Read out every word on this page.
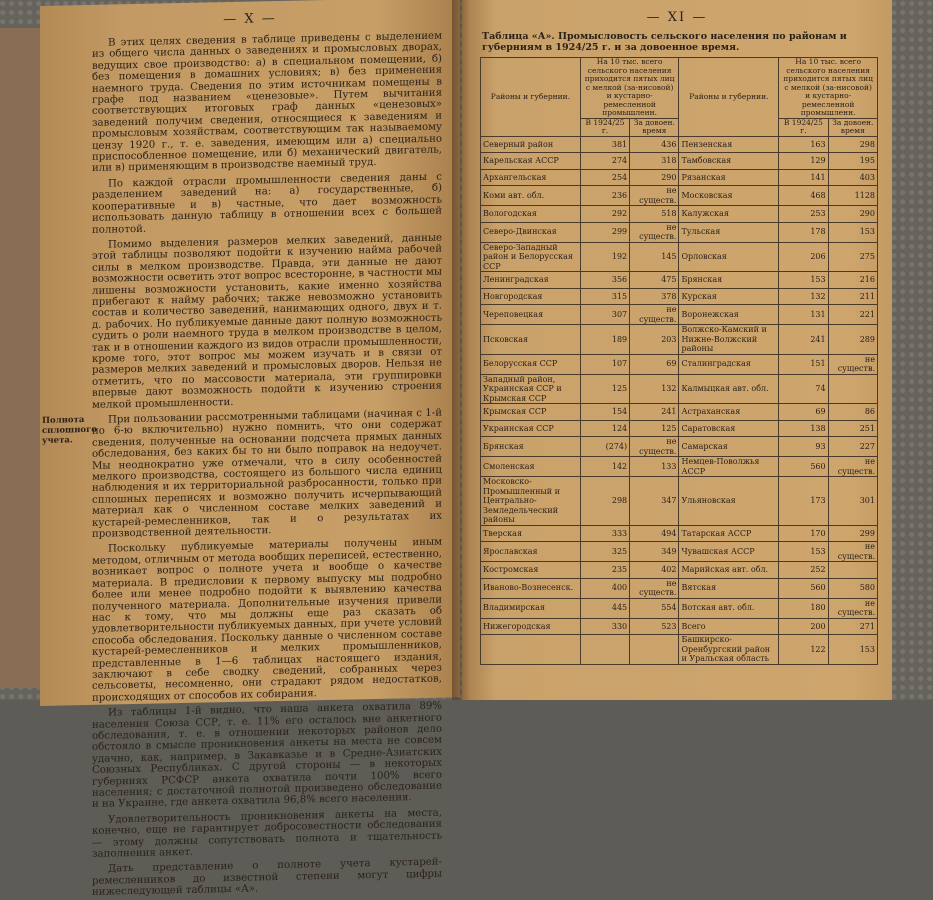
— X —

В этих целях сведения в таблице приведены с выделением из общего числа данных о заведениях и промысловых дворах, ведущих свое производство: а) в специальном помещении, б) без помещения в домашних условиях; в) без применения наемного труда. Сведения по этим источникам помещены в графе под названием «ценезовые». Путем вычитания соответствующих итоговых граф данных «ценезовых» заведений получим сведения, относящиеся к заведениям и промысловым хозяйствам, соответствующим так называемому цензу 1920 г., т. е. заведения, имеющим или а) специально приспособленное помещение, или б) механический двигатель, или в) применяющим в производстве наемный труд.

По каждой отрасли промышленности сведения даны с разделением заведений на: а) государственные, б) кооперативные и в) частные, что дает возможность использовать данную таблицу в отношении всех с большей полнотой.

Помимо выделения размеров мелких заведений, данные этой таблицы позволяют подойти к изучению найма рабочей силы в мелком производстве. Правда, эти данные не дают возможности осветить этот вопрос всесторонне, в частности мы лишены возможности установить, какие именно хозяйства прибегают к найму рабочих; также невозможно установить состав и количество заведений, нанимающих одного, двух и т. д. рабочих. Но публикуемые данные дают полную возможность судить о роли наемного труда в мелком производстве в целом, так и в отношении каждого из видов отрасли промышленности, кроме того, этот вопрос мы можем изучать и в связи от размеров мелких заведений и промысловых дворов. Нельзя не отметить, что по массовости материала, эти группировки впервые дают возможность подойти к изучению строения мелкой промышленности.

Полнота сплошного учета.
При пользовании рассмотренными таблицами (начиная с 1-й по 6-ю включительно) нужно помнить, что они содержат сведения, полученные на основании подсчета прямых данных обследования, без каких бы то ни было поправок на недоучет. Мы неоднократно уже отмечали, что в силу особенностей мелкого производства, состоящего из большого числа единиц наблюдения и их территориальной разбросанности, только при сплошных переписях и возможно получить исчерпывающий материал как о численном составе мелких заведений и кустарей-ремесленников, так и о результатах их производственной деятельности.

Поскольку публикуемые материалы получены иным методом, отличным от метода вообщих переписей, естественно, возникает вопрос о полноте учета и вообще о качестве материала. В предисловии к первому выпуску мы подробно более или менее подробно подойти к выявлению качества полученного материала. Дополнительные изучения привели нас к тому, что мы должны еще раз сказать об удовлетворительности публикуемых данных, при учете условий способа обследования. Поскольку данные о численном составе кустарей-ремесленников и мелких промышленников, представленные в 1—6 таблицах настоящего издания, заключают в себе сводку сведений, собранных через сельсоветы, несомненно, они страдают рядом недостатков, происходящих от способов их собирания.

Из таблицы 1-й видно, что наша анкета охватила 89% населения Союза ССР, т. е. 11% его осталось вне анкетного обследования, т. е. в отношении некоторых районов дело обстояло в смысле проникновения анкеты на места не совсем удачно, как, например, в Закавказье и в Средне-Азиатских Союзных Республиках. С другой стороны — в некоторых губерниях РСФСР анкета охватила почти 100% всего населения; с достаточной полнотой произведено обследование и на Украине, где анкета охватила 96,8% всего населения.

Удовлетворительность проникновения анкеты на места, конечно, еще не гарантирует добросовестности обследования — этому должны сопутствовать полнота и тщательность заполнения анкет.

Дать представление о полноте учета кустарей-ремесленников до известной степени могут цифры нижеследующей таблицы «А».

— XI —
Таблица «А». Промысловость сельского населения по районам и губерниям в 1924/25 г. и за довоенное время.
Районы и губернии.	На 10 тыс. всего сельского населения приходится пятых лиц с мелкой (за-нисовой) и кустарно-ремесленной промышленн.		Районы и губернии.	На 10 тыс. всего сельского населения приходится пятых лиц с мелкой (за-нисовой) и кустарно-ремесленной промышленн.	
	В 1924/25 г.	За довоен. время		В 1924/25 г.	За довоен. время
Северный район	381	436	Пензенская	163	298
Карельская АССР	274	318	Тамбовская	129	195
Архангельская	254	290	Рязанская	141	403
Коми авт. обл.	236	не сущеcтв.	Московская	468	1128
Вологодская	292	518	Калужская	253	290
Северо-Двинская	299	не сущеcтв.	Тульская	178	153
Северо-Западный район и Белорусская ССР	192	145	Орловская	206	275
Ленинградская	356	475	Брянская	153	216
Новгородская	315	378	Курская	132	211
Череповецкая	307	не сущеcтв.	Воронежская	131	221
Псковская	189	203	Волжско-Камский и Нижне-Волжский районы	241	289
Белорусская ССР	107	69	Сталинградская	151	не сущеcтв.
Западный район, Украинская ССР и Крымская ССР	125	132	Калмыцкая авт. обл.	74	
Крымская ССР	154	241	Астраханская	69	86
Украинская ССР	124	125	Саратовская	138	251
Брянская	(274)	не сущеcтв.	Самарская	93	227
Смоленская	142	133	Немцев-Поволжья АССР	560	не сущеcтв.
Московско-Промышленный и Центрально-Земледельческий районы	298	347	Ульяновская	173	301
Тверская	333	494	Татарская АССР	170	299
Ярославская	325	349	Чувашская АССР	153	не сущеcтв.
Костромская	235	402	Марийская авт. обл.	252	
Иваново-Вознесенск.	400	не сущеcтв.	Вятская	560	580
Владимирская	445	554	Вотская авт. обл.	180	не сущеcтв.
Нижегородская	330	523	Всего	200	271
			Башкирско-Оренбургский район и Уральская область	122	153
